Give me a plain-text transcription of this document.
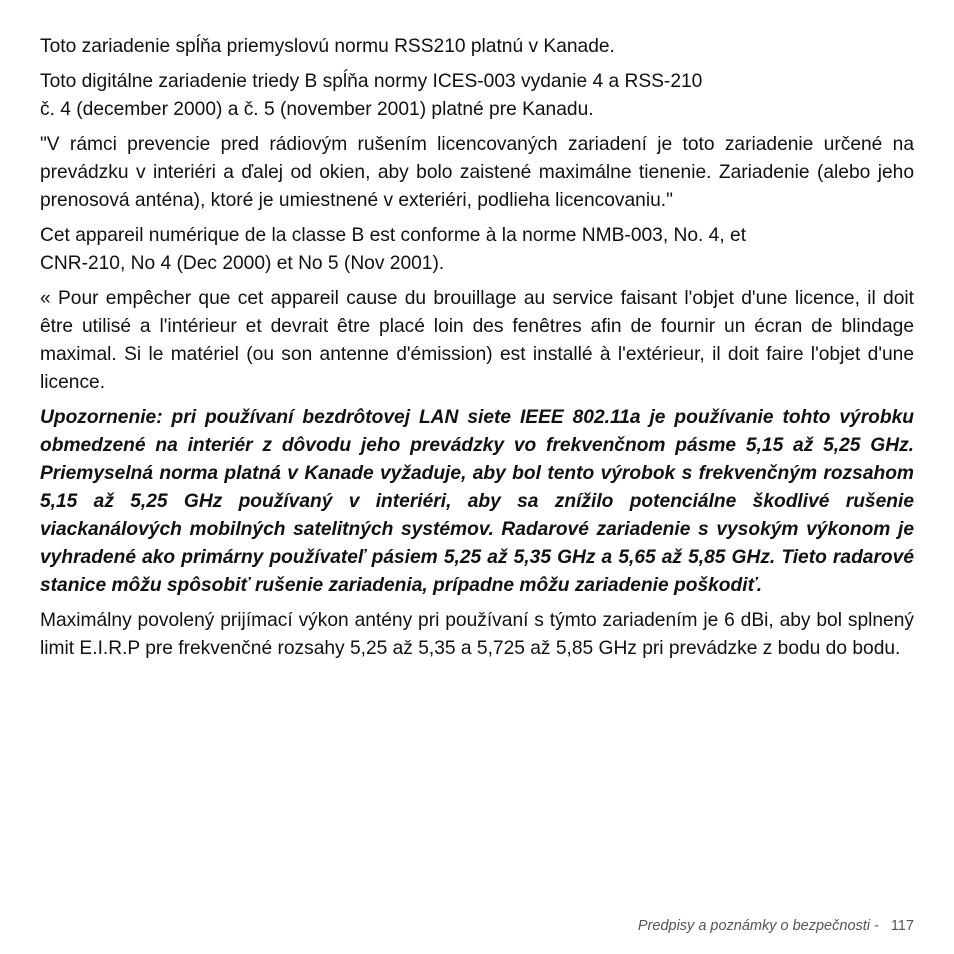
Toto zariadenie spĺňa priemyslovú normu RSS210 platnú v Kanade.

Toto digitálne zariadenie triedy B spĺňa normy ICES-003 vydanie 4 a RSS-210
č. 4 (december 2000) a č. 5 (november 2001) platné pre Kanadu.

"V rámci prevencie pred rádiovým rušením licencovaných zariadení je toto zariadenie určené na prevádzku v interiéri a ďalej od okien, aby bolo zaistené maximálne tienenie. Zariadenie (alebo jeho prenosová anténa), ktoré je umiestnené v exteriéri, podlieha licencovaniu."

Cet appareil numérique de la classe B est conforme à la norme NMB-003, No. 4, et
CNR-210, No 4 (Dec 2000) et No 5 (Nov 2001).

« Pour empêcher que cet appareil cause du brouillage au service faisant l'objet d'une licence, il doit être utilisé a l'intérieur et devrait être placé loin des fenêtres afin de fournir un écran de blindage maximal. Si le matériel (ou son antenne d'émission) est installé à l'extérieur, il doit faire l'objet d'une licence.

Upozornenie: pri používaní bezdrôtovej LAN siete IEEE 802.11a je používanie tohto výrobku obmedzené na interiér z dôvodu jeho prevádzky vo frekvenčnom pásme 5,15 až 5,25 GHz. Priemyselná norma platná v Kanade vyžaduje, aby bol tento výrobok s frekvenčným rozsahom 5,15 až 5,25 GHz používaný v interiéri, aby sa znížilo potenciálne škodlivé rušenie viackanálových mobilných satelitných systémov. Radarové zariadenie s vysokým výkonom je vyhradené ako primárny používateľ pásiem 5,25 až 5,35 GHz a 5,65 až 5,85 GHz. Tieto radarové stanice môžu spôsobiť rušenie zariadenia, prípadne môžu zariadenie poškodiť.

Maximálny povolený prijímací výkon antény pri používaní s týmto zariadením je 6 dBi, aby bol splnený limit E.I.R.P pre frekvenčné rozsahy 5,25 až 5,35 a 5,725 až 5,85 GHz pri prevádzke z bodu do bodu.

Predpisy a poznámky o bezpečnosti - 117
